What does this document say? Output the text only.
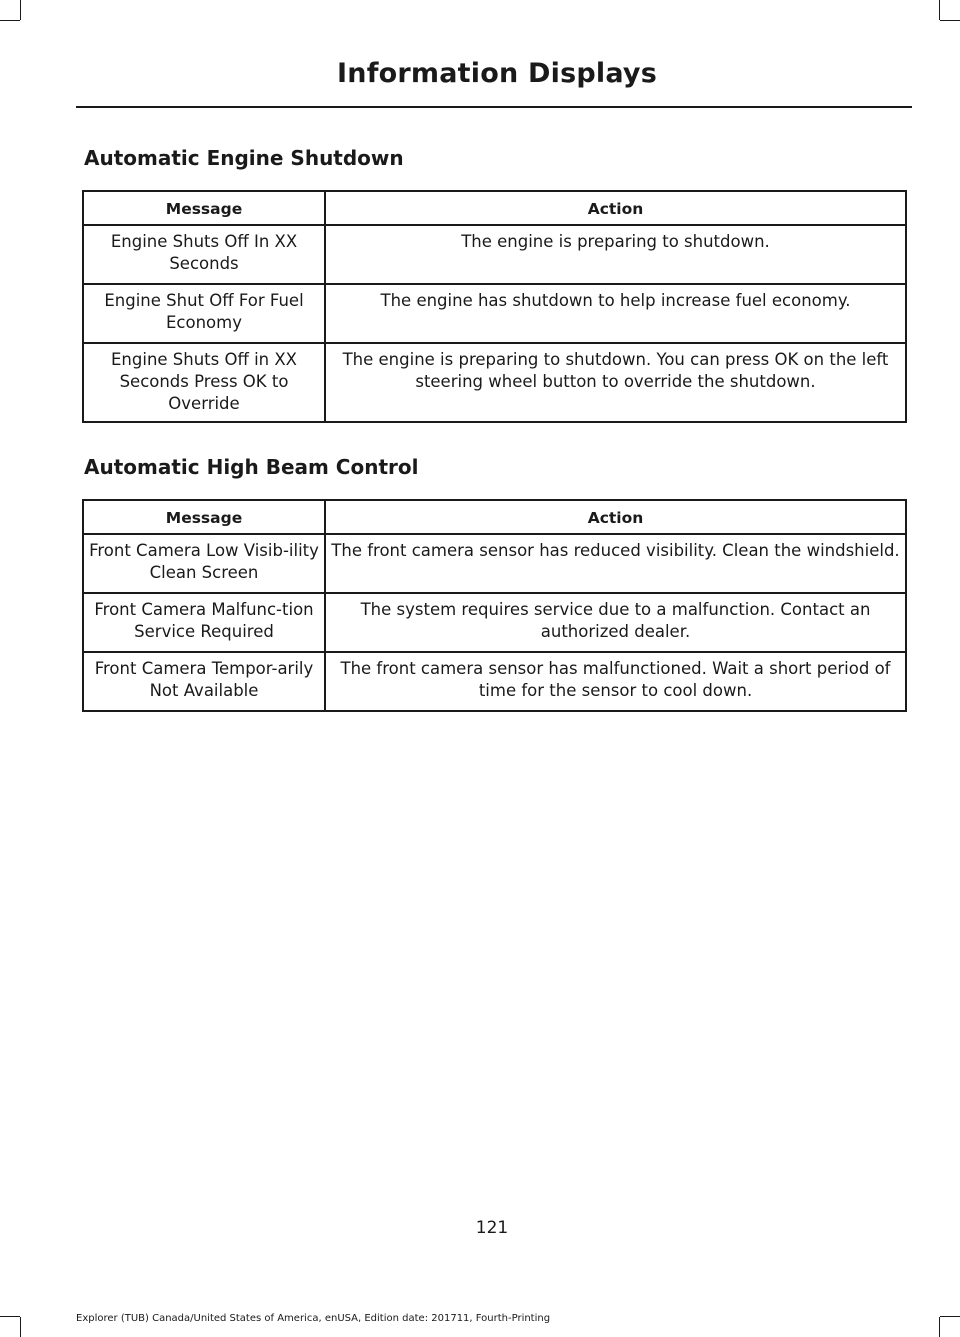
Information Displays
Automatic Engine Shutdown
Message	Action
Engine Shuts Off In XX Seconds	The engine is preparing to shutdown.
Engine Shut Off For Fuel Economy	The engine has shutdown to help increase fuel economy.
Engine Shuts Off in XX Seconds Press OK to Override	The engine is preparing to shutdown. You can press OK on the left steering wheel button to override the shutdown.
Automatic High Beam Control
Message	Action
Front Camera Low Visib-ility Clean Screen	The front camera sensor has reduced visibility. Clean the windshield.
Front Camera Malfunc-tion Service Required	The system requires service due to a malfunction. Contact an authorized dealer.
Front Camera Tempor-arily Not Available	The front camera sensor has malfunctioned. Wait a short period of time for the sensor to cool down.
121
Explorer (TUB) Canada/United States of America, enUSA, Edition date: 201711, Fourth-Printing
